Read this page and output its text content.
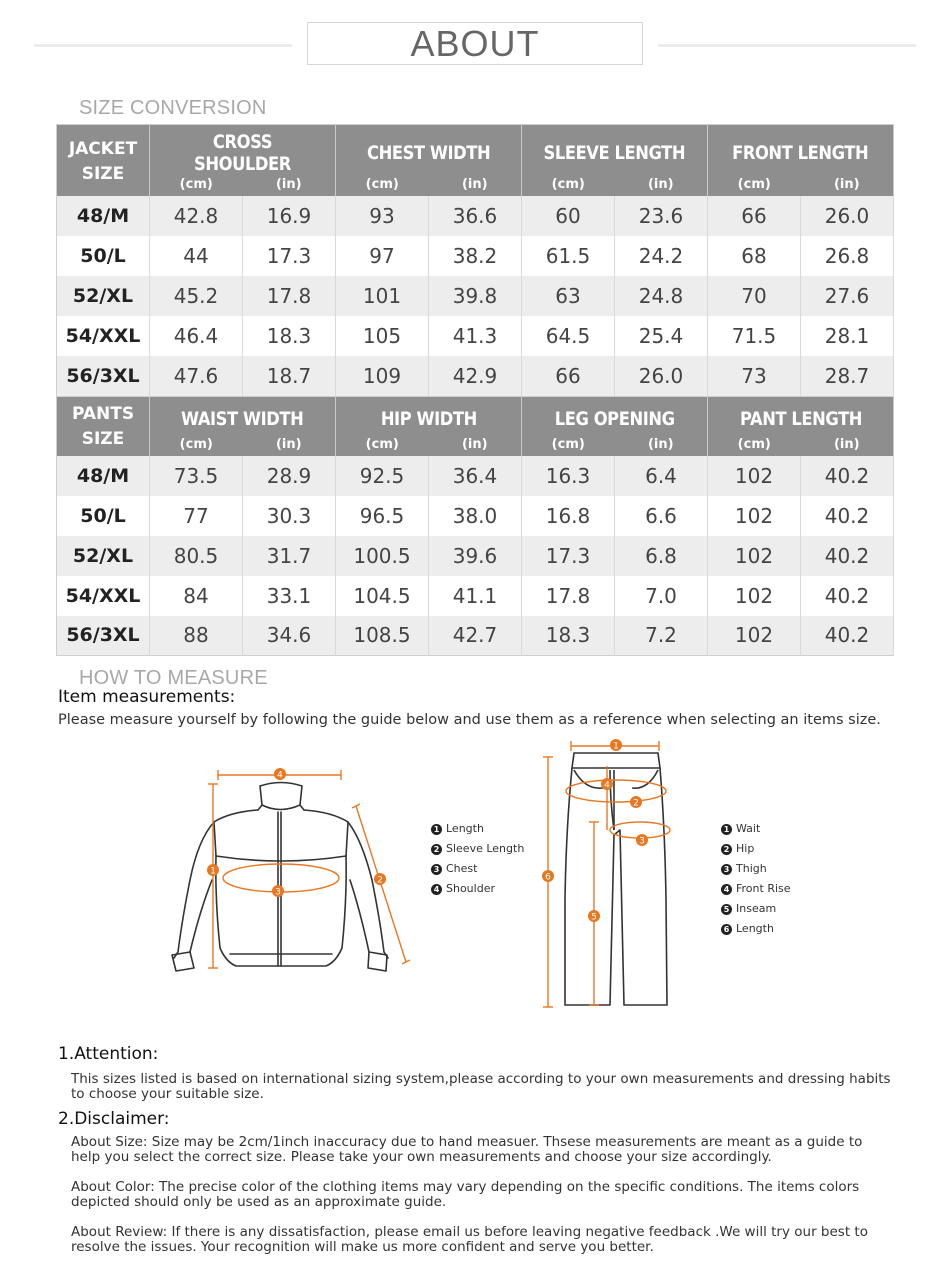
ABOUT
SIZE CONVERSION
JACKET
SIZE	CROSS SHOULDER		CHEST WIDTH		SLEEVE LENGTH		FRONT LENGTH	
	(cm)	(in)	(cm)	(in)	(cm)	(in)	(cm)	(in)
48/M	42.8	16.9	93	36.6	60	23.6	66	26.0
50/L	44	17.3	97	38.2	61.5	24.2	68	26.8
52/XL	45.2	17.8	101	39.8	63	24.8	70	27.6
54/XXL	46.4	18.3	105	41.3	64.5	25.4	71.5	28.1
56/3XL	47.6	18.7	109	42.9	66	26.0	73	28.7
PANTS
SIZE	WAIST WIDTH		HIP WIDTH		LEG OPENING		PANT LENGTH	
	(cm)	(in)	(cm)	(in)	(cm)	(in)	(cm)	(in)
48/M	73.5	28.9	92.5	36.4	16.3	6.4	102	40.2
50/L	77	30.3	96.5	38.0	16.8	6.6	102	40.2
52/XL	80.5	31.7	100.5	39.6	17.3	6.8	102	40.2
54/XXL	84	33.1	104.5	41.1	17.8	7.0	102	40.2
56/3XL	88	34.6	108.5	42.7	18.3	7.2	102	40.2
HOW TO MEASURE
Item measurements:
Please measure yourself by following the guide below and use them as a reference when selecting an items size.
4
1
3
2
1
4
2
3
6
5
1 Length
2 Sleeve Length
3 Chest
4 Shoulder
1 Wait
2 Hip
3 Thigh
4 Front Rise
5 Inseam
6 Length
1.Attention:
This sizes listed is based on international sizing system,please according to your own measurements and dressing habits to choose your suitable size.
2.Disclaimer:
About Size: Size may be 2cm/1inch inaccuracy due to hand measuer. Thsese measurements are meant as a guide to help you select the correct size. Please take your own measurements and choose your size accordingly.
About Color: The precise color of the clothing items may vary depending on the specific conditions. The items colors depicted should only be used as an approximate guide.
About Review: If there is any dissatisfaction, please email us before leaving negative feedback .We will try our best to resolve the issues. Your recognition will make us more confident and serve you better.
